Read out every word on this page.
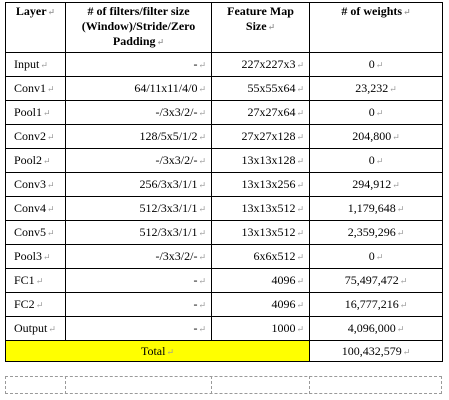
Layer↵	# of filters/filter size (Window)/Stride/Zero Padding↵	Feature Map Size↵	# of weights↵
Input↵	-↵	227x227x3↵	0↵
Conv1↵	64/11x11/4/0↵	55x55x64↵	23,232↵
Pool1↵	-/3x3/2/-↵	27x27x64↵	0↵
Conv2↵	128/5x5/1/2↵	27x27x128↵	204,800↵
Pool2↵	-/3x3/2/-↵	13x13x128↵	0↵
Conv3↵	256/3x3/1/1↵	13x13x256↵	294,912↵
Conv4↵	512/3x3/1/1↵	13x13x512↵	1,179,648↵
Conv5↵	512/3x3/1/1↵	13x13x512↵	2,359,296↵
Pool3↵	-/3x3/2/-↵	6x6x512↵	0↵
FC1↵	-↵	4096↵	75,497,472↵
FC2↵	-↵	4096↵	16,777,216↵
Output↵	-↵	1000↵	4,096,000↵
Total↵			100,432,579↵
